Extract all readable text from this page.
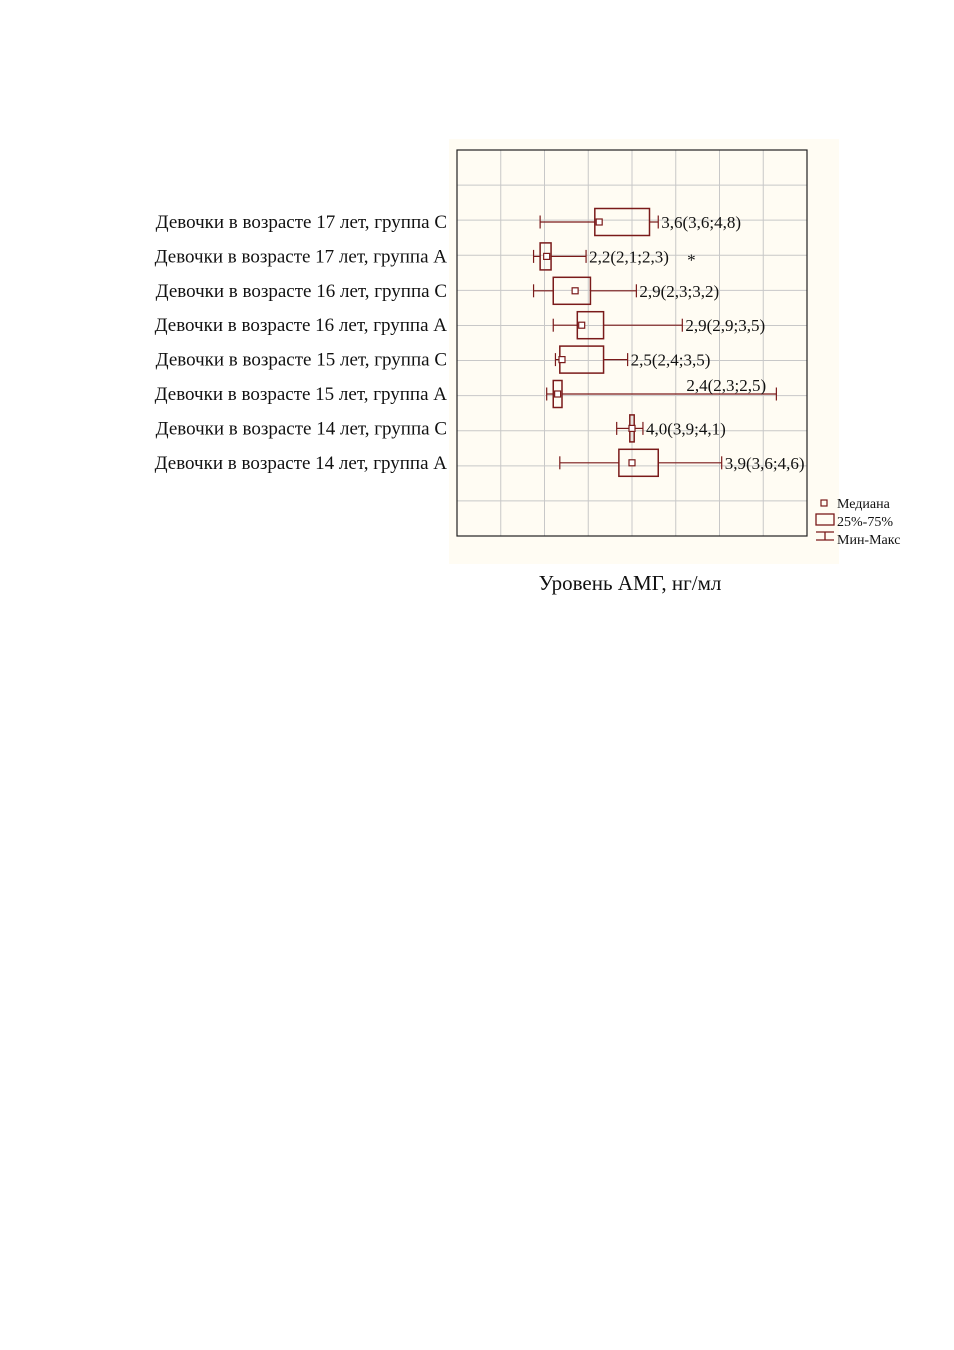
Девочки в возрасте 17 лет, группа С
Девочки в возрасте 17 лет, группа А
Девочки в возрасте 16 лет, группа С
Девочки в возрасте 16 лет, группа А
Девочки в возрасте 15 лет, группа С
Девочки в возрасте 15 лет, группа А
Девочки в возрасте 14 лет, группа С
Девочки в возрасте 14 лет, группа А
3,6(3,6;4,8)
2,2(2,1;2,3) *
2,9(2,3;3,2)
2,9(2,9;3,5)
2,5(2,4;3,5)
2,4(2,3;2,5)
4,0(3,9;4,1)
3,9(3,6;4,6)
Медиана
25%-75%
Мин-Макс
Уровень АМГ, нг/мл
